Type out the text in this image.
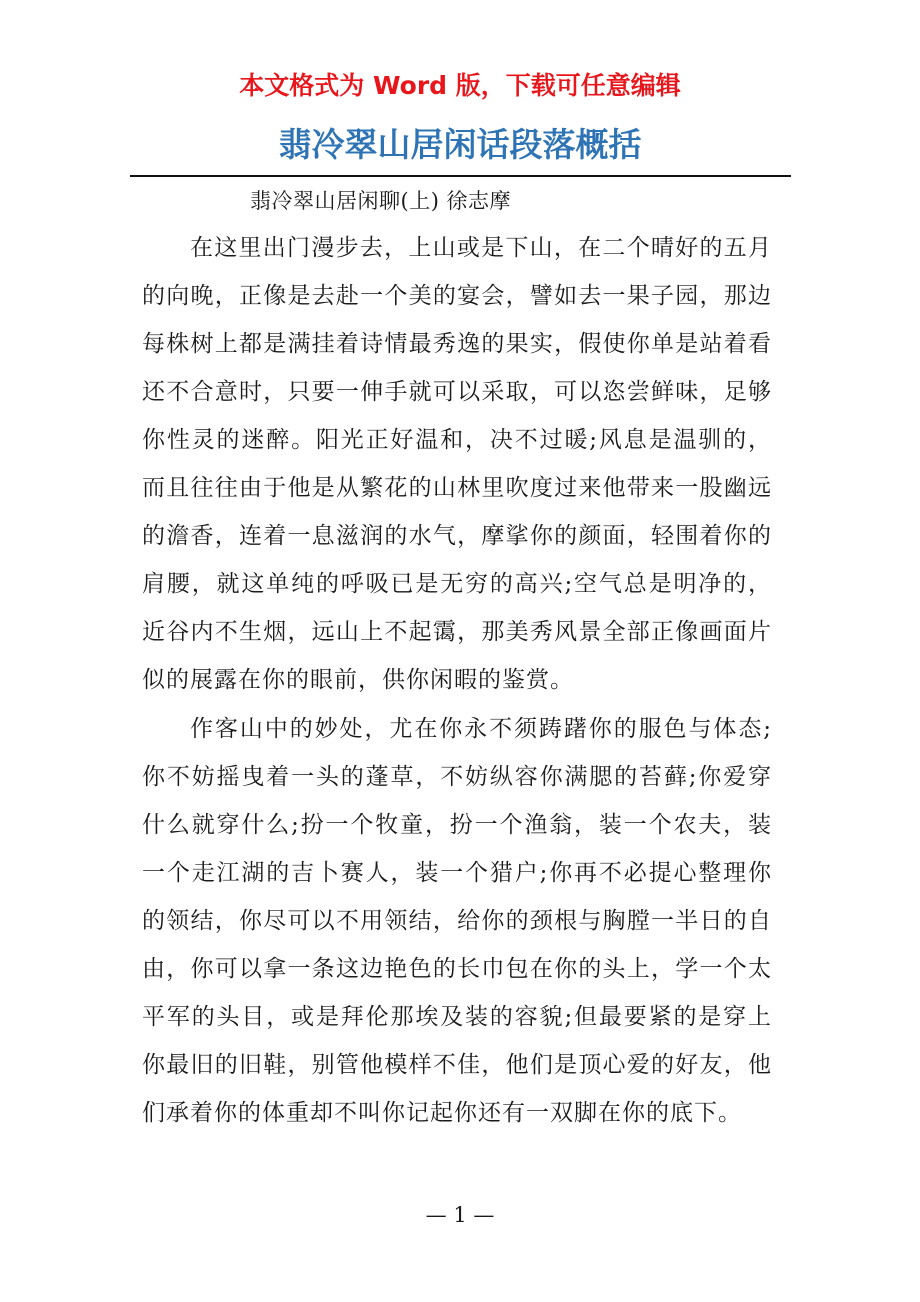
本文格式为 Word 版，下载可任意编辑
翡冷翠山居闲话段落概括
翡冷翠山居闲聊(上) 徐志摩

在这里出门漫步去，上山或是下山，在二个晴好的五月的向晚，正像是去赴一个美的宴会，譬如去一果子园，那边每株树上都是满挂着诗情最秀逸的果实，假使你单是站着看还不合意时，只要一伸手就可以采取，可以恣尝鲜味，足够你性灵的迷醉。阳光正好温和，决不过暖;风息是温驯的，而且往往由于他是从繁花的山林里吹度过来他带来一股幽远的澹香，连着一息滋润的水气，摩挲你的颜面，轻围着你的肩腰，就这单纯的呼吸已是无穷的高兴;空气总是明净的，近谷内不生烟，远山上不起霭，那美秀风景全部正像画面片似的展露在你的眼前，供你闲暇的鉴赏。

作客山中的妙处，尤在你永不须踌躇你的服色与体态;你不妨摇曳着一头的蓬草，不妨纵容你满腮的苔藓;你爱穿什么就穿什么;扮一个牧童，扮一个渔翁，装一个农夫，装一个走江湖的吉卜赛人，装一个猎户;你再不必提心整理你的领结，你尽可以不用领结，给你的颈根与胸膛一半日的自由，你可以拿一条这边艳色的长巾包在你的头上，学一个太平军的头目，或是拜伦那埃及装的容貌;但最要紧的是穿上你最旧的旧鞋，别管他模样不佳，他们是顶心爱的好友，他们承着你的体重却不叫你记起你还有一双脚在你的底下。

— 1 —
